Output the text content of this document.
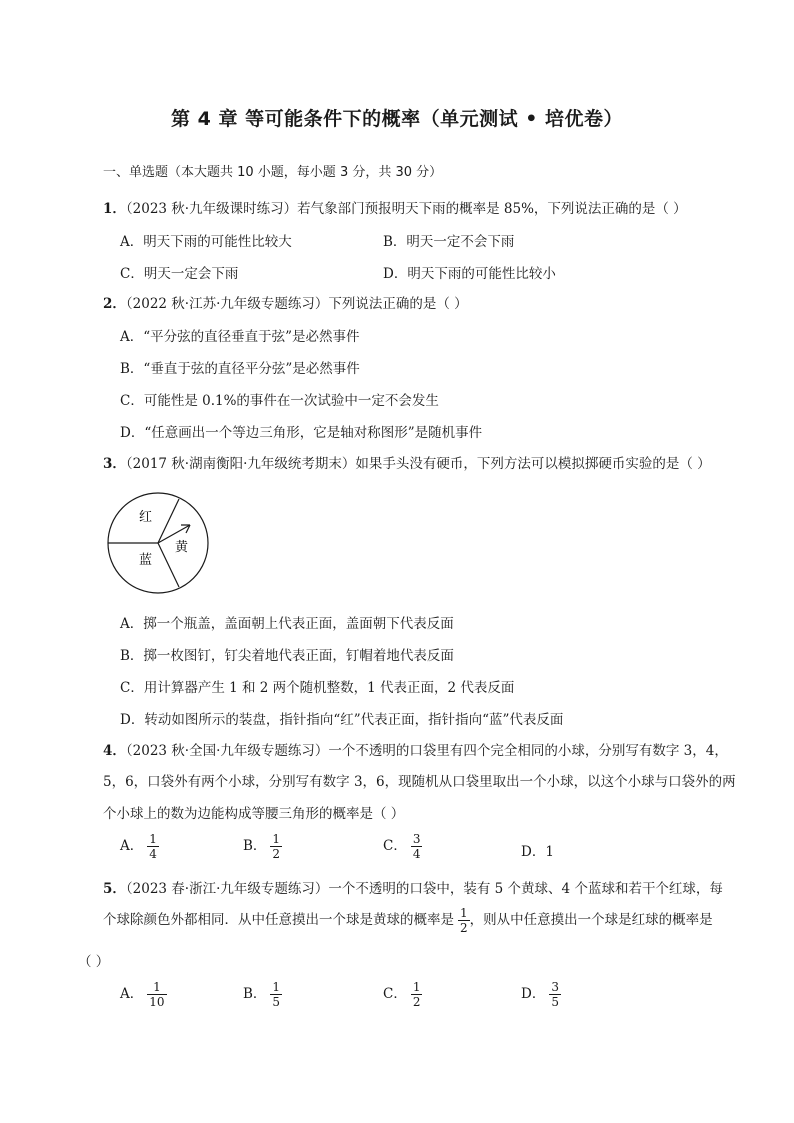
第 4 章 等可能条件下的概率（单元测试 • 培优卷）
一、单选题（本大题共 10 小题，每小题 3 分，共 30 分）
1．（2023 秋·九年级课时练习）若气象部门预报明天下雨的概率是 85%，下列说法正确的是（ ）
A．明天下雨的可能性比较大	B．明天一定不会下雨
C．明天一定会下雨	D．明天下雨的可能性比较小
2．（2022 秋·江苏·九年级专题练习）下列说法正确的是（ ）
A．“平分弦的直径垂直于弦”是必然事件
B．“垂直于弦的直径平分弦”是必然事件
C．可能性是 0.1%的事件在一次试验中一定不会发生
D．“任意画出一个等边三角形，它是轴对称图形”是随机事件
3．（2017 秋·湖南衡阳·九年级统考期末）如果手头没有硬币，下列方法可以模拟掷硬币实验的是（ ）
红
蓝
黄
A．掷一个瓶盖，盖面朝上代表正面，盖面朝下代表反面
B．掷一枚图钉，钉尖着地代表正面，钉帽着地代表反面
C．用计算器产生 1 和 2 两个随机整数，1 代表正面，2 代表反面
D．转动如图所示的装盘，指针指向“红”代表正面，指针指向“蓝”代表反面
4．（2023 秋·全国·九年级专题练习）一个不透明的口袋里有四个完全相同的小球，分别写有数字 3，4，
5，6，口袋外有两个小球，分别写有数字 3，6，现随机从口袋里取出一个小球，以这个小球与口袋外的两
个小球上的数为边能构成等腰三角形的概率是（ ）
A． $\frac{1}{4}$	B． $\frac{1}{2}$	C． $\frac{3}{4}$	D．1
5．（2023 春·浙江·九年级专题练习）一个不透明的口袋中，装有 5 个黄球、4 个蓝球和若干个红球，每
个球除颜色外都相同．从中任意摸出一个球是黄球的概率是 $\frac{1}{2}$ ，则从中任意摸出一个球是红球的概率是
（ ）
A． $\frac{1}{10}$	B． $\frac{1}{5}$	C． $\frac{1}{2}$	D． $\frac{3}{5}$
